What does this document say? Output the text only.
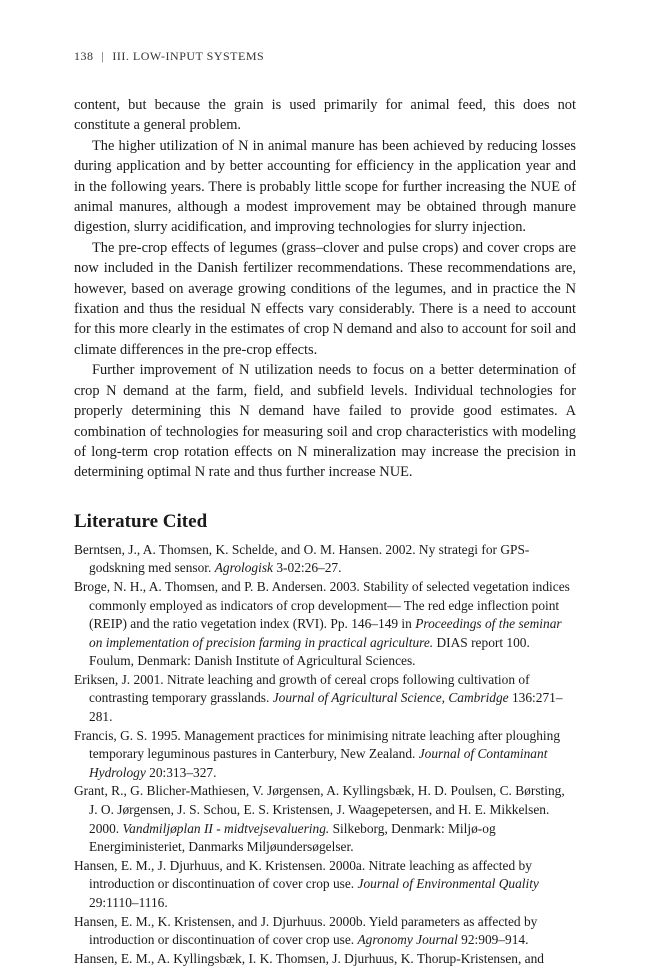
138 | III. LOW-INPUT SYSTEMS

content, but because the grain is used primarily for animal feed, this does not constitute a general problem.

The higher utilization of N in animal manure has been achieved by reducing losses during application and by better accounting for efficiency in the application year and in the following years. There is probably little scope for further increasing the NUE of animal manures, although a modest improvement may be obtained through manure digestion, slurry acidification, and improving technologies for slurry injection.

The pre-crop effects of legumes (grass–clover and pulse crops) and cover crops are now included in the Danish fertilizer recommendations. These recommendations are, however, based on average growing conditions of the legumes, and in practice the N fixation and thus the residual N effects vary considerably. There is a need to account for this more clearly in the estimates of crop N demand and also to account for soil and climate differences in the pre-crop effects.

Further improvement of N utilization needs to focus on a better determination of crop N demand at the farm, field, and subfield levels. Individual technologies for properly determining this N demand have failed to provide good estimates. A combination of technologies for measuring soil and crop characteristics with modeling of long-term crop rotation effects on N mineralization may increase the precision in determining optimal N rate and thus further increase NUE.

Literature Cited
Berntsen, J., A. Thomsen, K. Schelde, and O. M. Hansen. 2002. Ny strategi for GPS-godskning med sensor. Agrologisk 3-02:26–27.
Broge, N. H., A. Thomsen, and P. B. Andersen. 2003. Stability of selected vegetation indices commonly employed as indicators of crop development— The red edge inflection point (REIP) and the ratio vegetation index (RVI). Pp. 146–149 in Proceedings of the seminar on implementation of precision farming in practical agriculture. DIAS report 100. Foulum, Denmark: Danish Institute of Agricultural Sciences.
Eriksen, J. 2001. Nitrate leaching and growth of cereal crops following cultivation of contrasting temporary grasslands. Journal of Agricultural Science, Cambridge 136:271–281.
Francis, G. S. 1995. Management practices for minimising nitrate leaching after ploughing temporary leguminous pastures in Canterbury, New Zealand. Journal of Contaminant Hydrology 20:313–327.
Grant, R., G. Blicher-Mathiesen, V. Jørgensen, A. Kyllingsbæk, H. D. Poulsen, C. Børsting, J. O. Jørgensen, J. S. Schou, E. S. Kristensen, J. Waagepetersen, and H. E. Mikkelsen. 2000. Vandmiljøplan II - midtvejsevaluering. Silkeborg, Denmark: Miljø-og Energiministeriet, Danmarks Miljøundersøgelser.
Hansen, E. M., J. Djurhuus, and K. Kristensen. 2000a. Nitrate leaching as affected by introduction or discontinuation of cover crop use. Journal of Environmental Quality 29:1110–1116.
Hansen, E. M., K. Kristensen, and J. Djurhuus. 2000b. Yield parameters as affected by introduction or discontinuation of cover crop use. Agronomy Journal 92:909–914.
Hansen, E. M., A. Kyllingsbæk, I. K. Thomsen, J. Djurhuus, K. Thorup-Kristensen, and
